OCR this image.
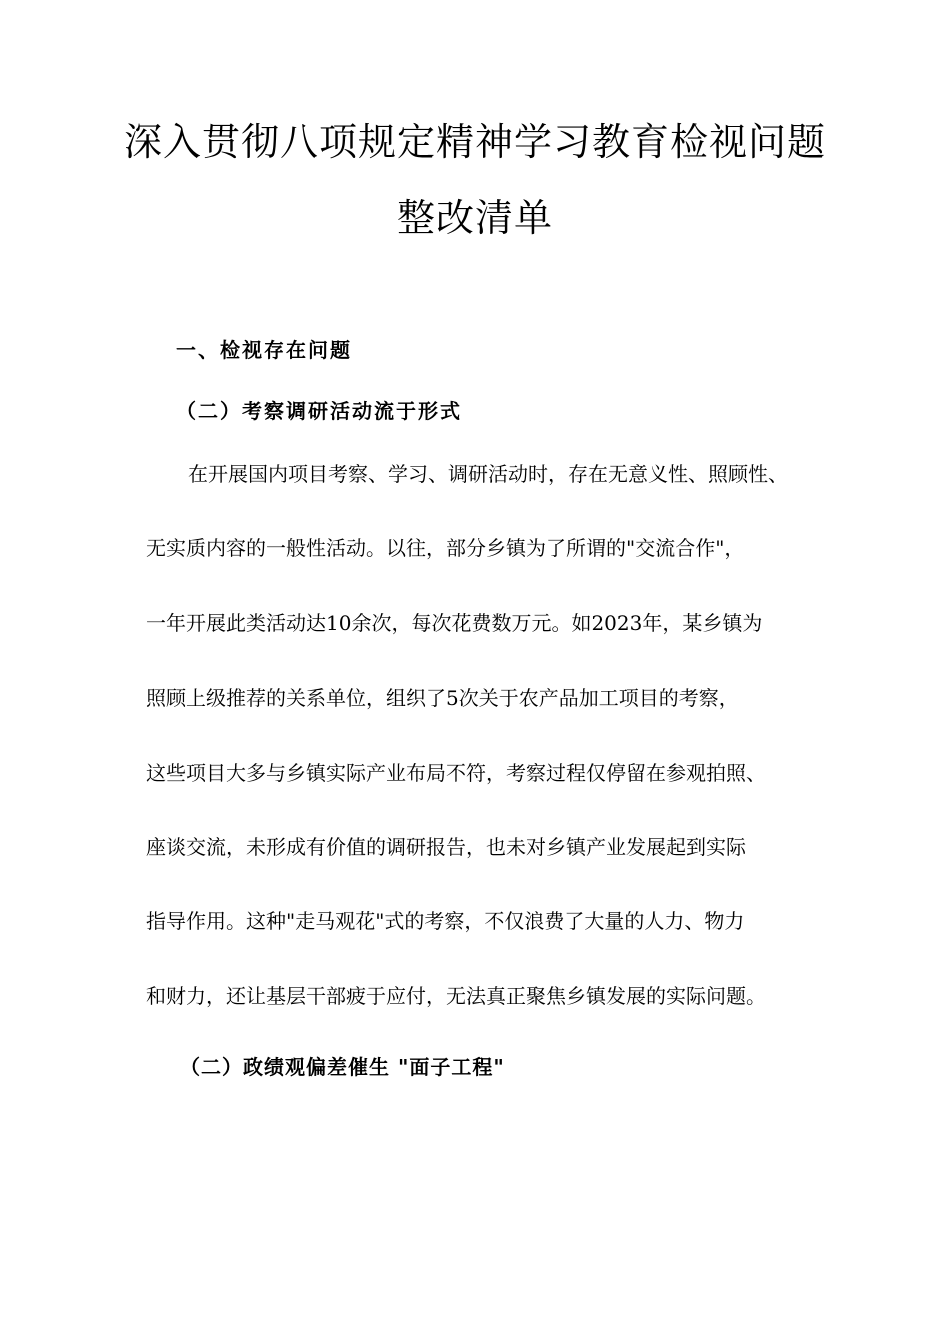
深入贯彻八项规定精神学习教育检视问题
整改清单
一、检视存在问题
（二）考察调研活动流于形式
在开展国内项目考察、学习、调研活动时，存在无意义性、照顾性、
无实质内容的一般性活动。以往，部分乡镇为了所谓的"交流合作"，
一年开展此类活动达10余次，每次花费数万元。如2023年，某乡镇为
照顾上级推荐的关系单位，组织了5次关于农产品加工项目的考察，
这些项目大多与乡镇实际产业布局不符，考察过程仅停留在参观拍照、
座谈交流，未形成有价值的调研报告，也未对乡镇产业发展起到实际
指导作用。这种"走马观花"式的考察，不仅浪费了大量的人力、物力
和财力，还让基层干部疲于应付，无法真正聚焦乡镇发展的实际问题。
（二）政绩观偏差催生 "面子工程"
